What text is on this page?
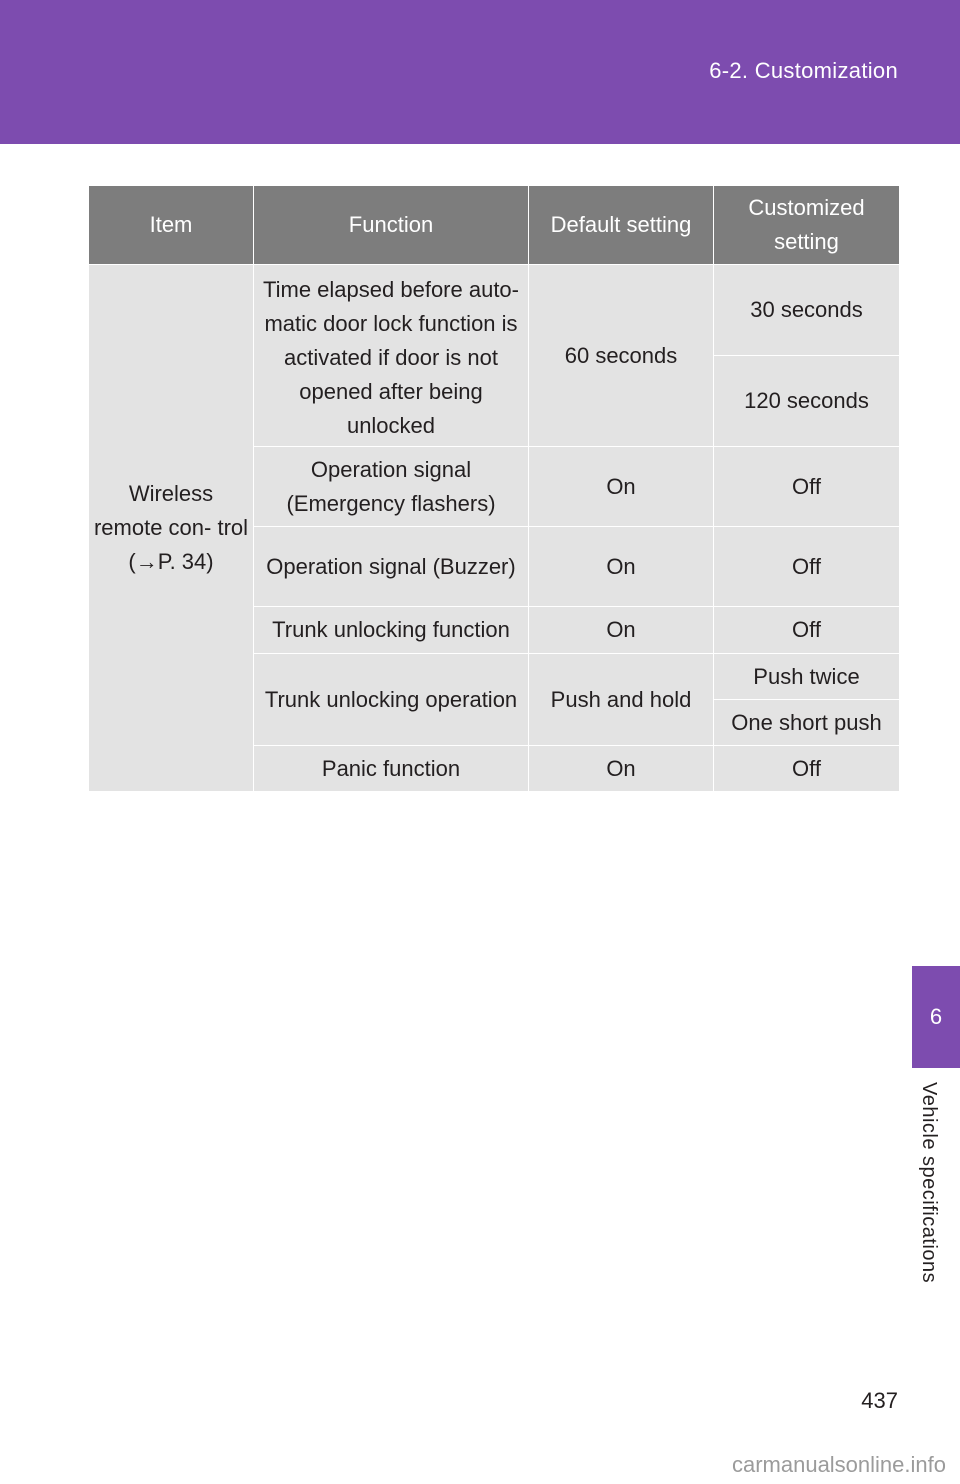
6-2. Customization
Item	Function	Default setting	Customized setting
Wireless remote con- trol (→P. 34)	Time elapsed before auto- matic door lock function is activated if door is not opened after being unlocked	60 seconds	30 seconds
			120 seconds
	Operation signal (Emergency flashers)	On	Off
	Operation signal (Buzzer)	On	Off
	Trunk unlocking function	On	Off
	Trunk unlocking operation	Push and hold	Push twice
			One short push
	Panic function	On	Off
6
Vehicle specifications
437
carmanualsonline.info
